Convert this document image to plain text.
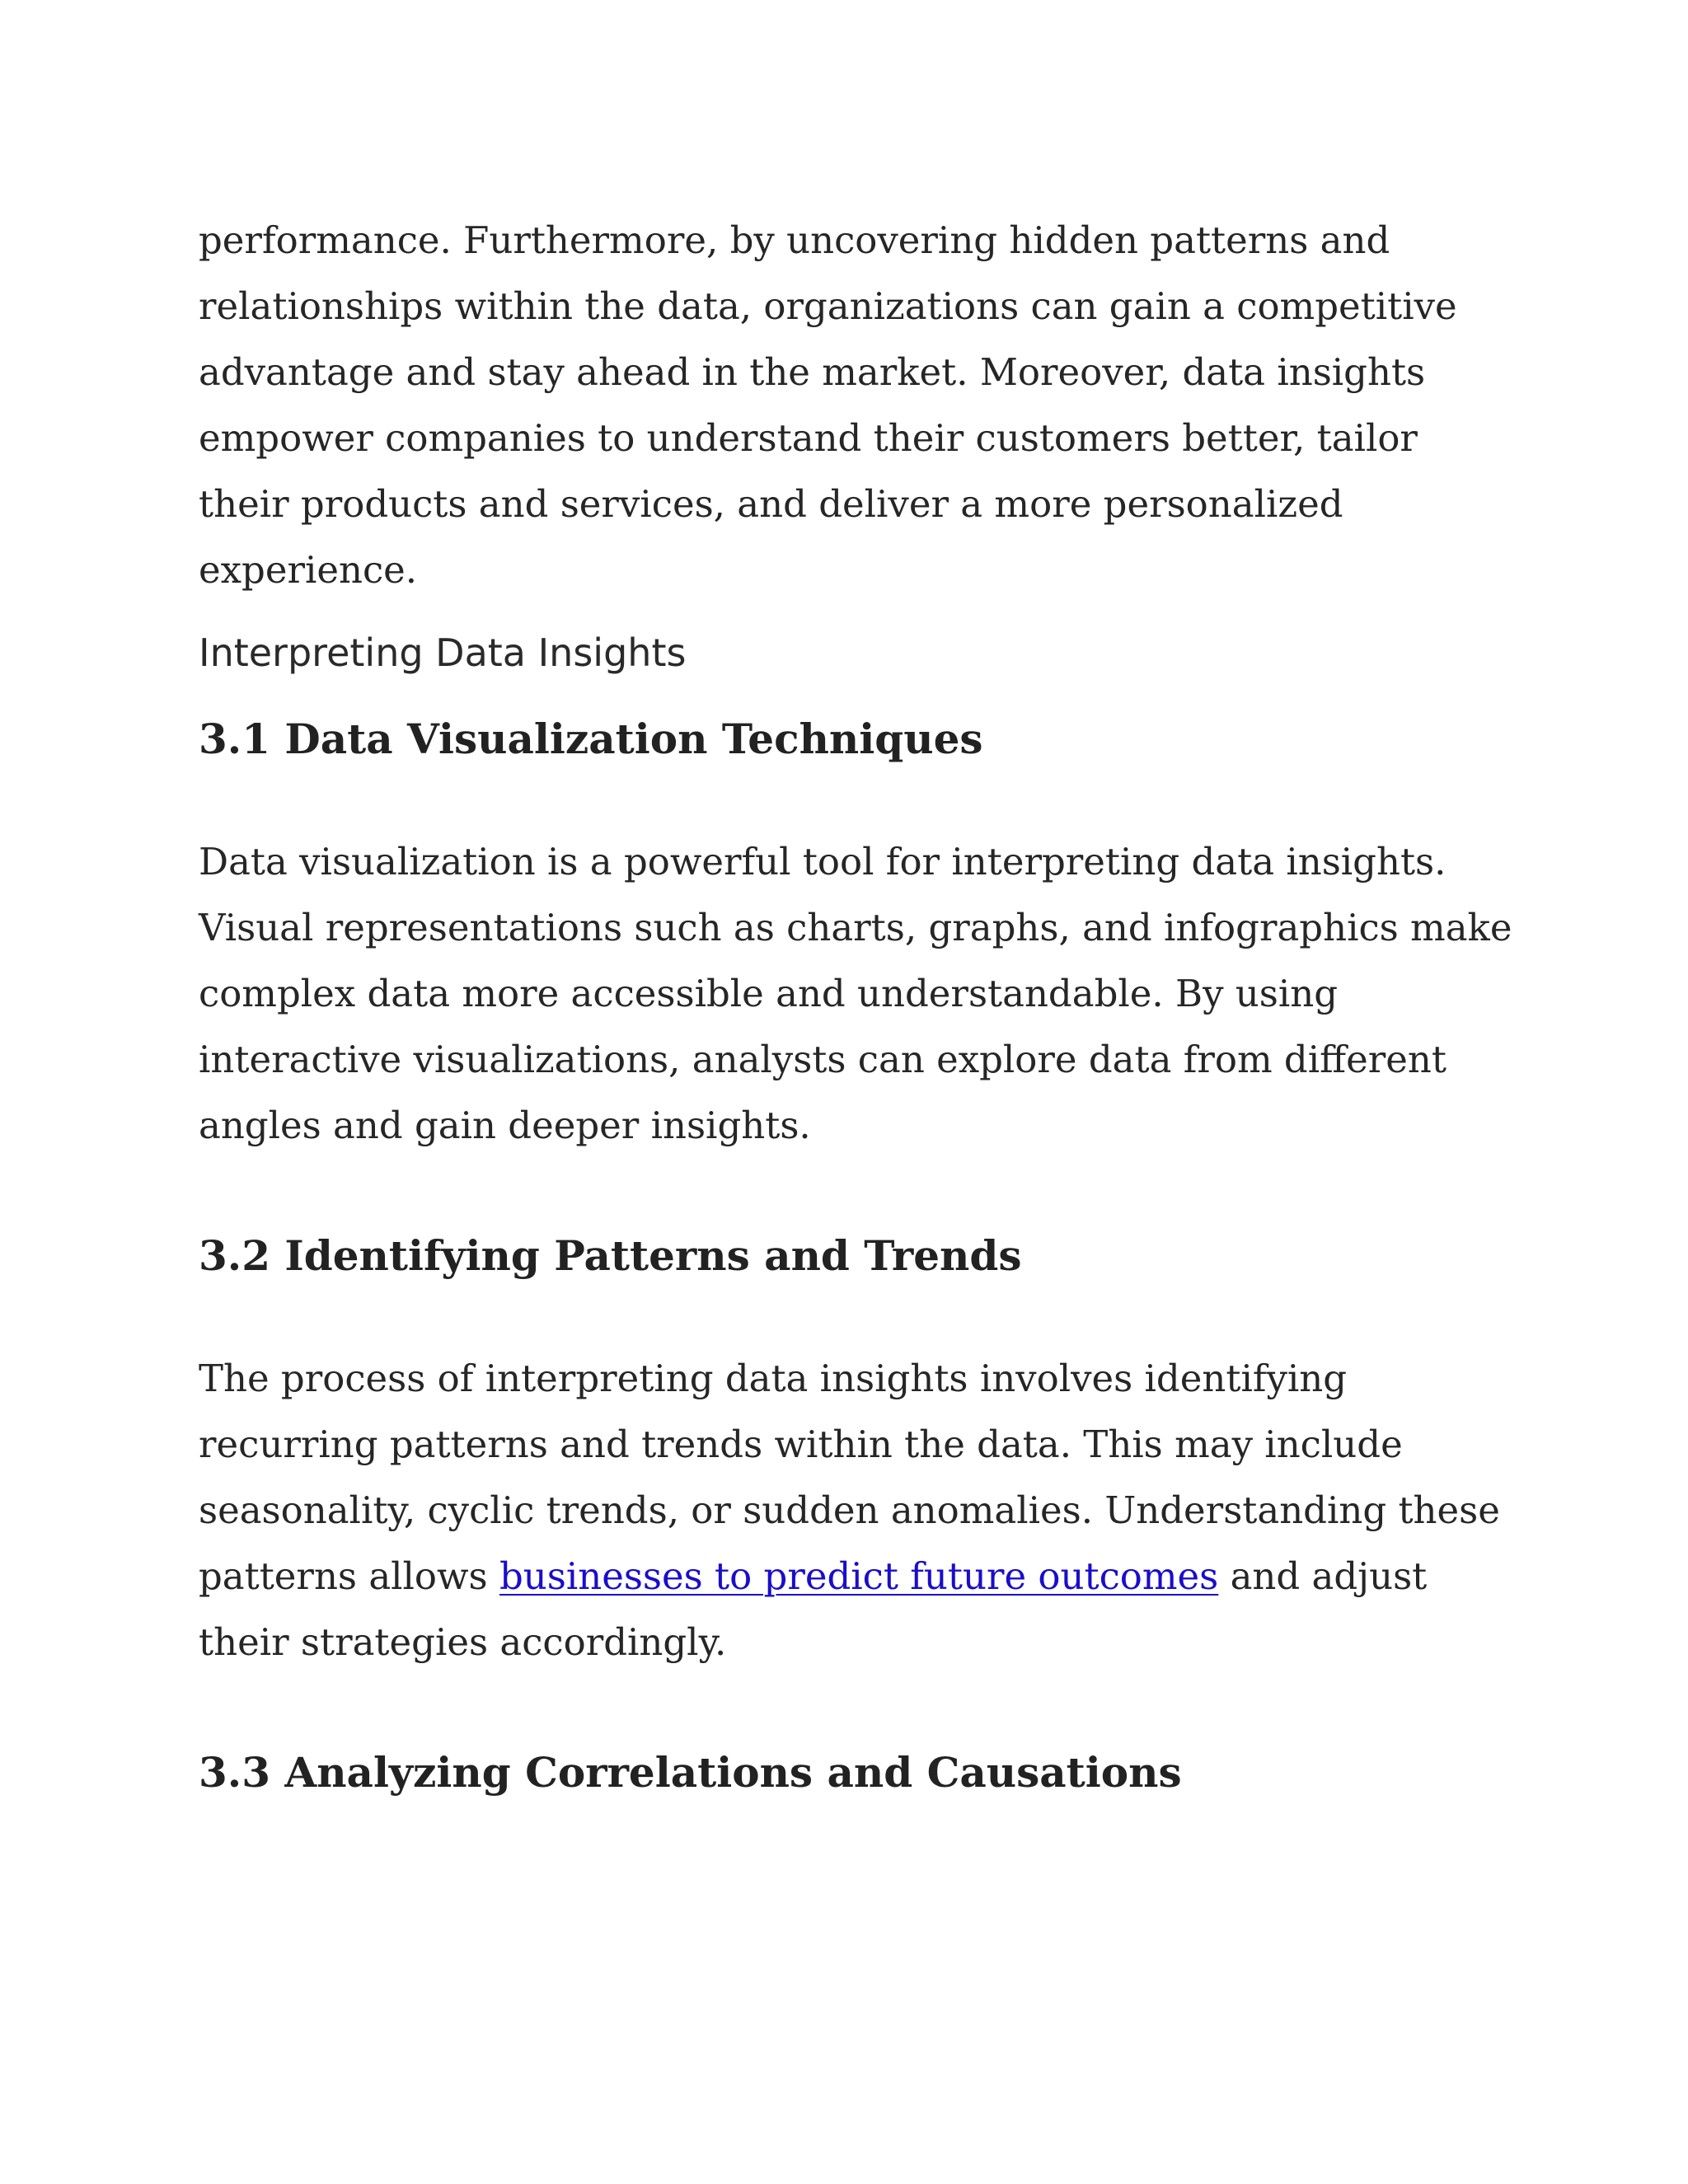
performance. Furthermore, by uncovering hidden patterns and relationships within the data, organizations can gain a competitive advantage and stay ahead in the market. Moreover, data insights empower companies to understand their customers better, tailor their products and services, and deliver a more personalized experience.

Interpreting Data Insights
3.1 Data Visualization Techniques

Data visualization is a powerful tool for interpreting data insights. Visual representations such as charts, graphs, and infographics make complex data more accessible and understandable. By using interactive visualizations, analysts can explore data from different angles and gain deeper insights.

3.2 Identifying Patterns and Trends

The process of interpreting data insights involves identifying recurring patterns and trends within the data. This may include seasonality, cyclic trends, or sudden anomalies. Understanding these patterns allows businesses to predict future outcomes and adjust their strategies accordingly.

3.3 Analyzing Correlations and Causations
